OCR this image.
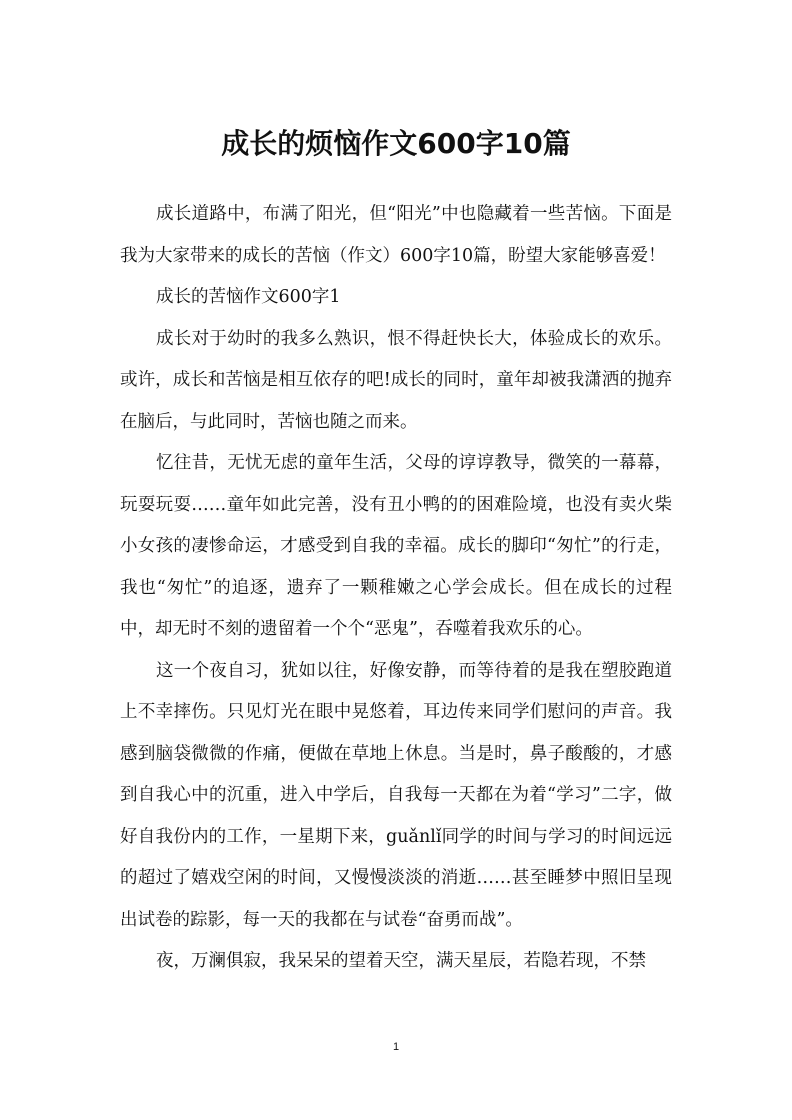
成长的烦恼作文600字10篇

成长道路中，布满了阳光，但“阳光”中也隐藏着一些苦恼。下面是我为大家带来的成长的苦恼（作文）600字10篇，盼望大家能够喜爱！

成长的苦恼作文600字1

成长对于幼时的我多么熟识，恨不得赶快长大，体验成长的欢乐。或许，成长和苦恼是相互依存的吧!成长的同时，童年却被我潇洒的抛弃在脑后，与此同时，苦恼也随之而来。

忆往昔，无忧无虑的童年生活，父母的谆谆教导，微笑的一幕幕，玩耍玩耍……童年如此完善，没有丑小鸭的的困难险境，也没有卖火柴小女孩的凄惨命运，才感受到自我的幸福。成长的脚印“匆忙”的行走，我也“匆忙”的追逐，遗弃了一颗稚嫩之心学会成长。但在成长的过程中，却无时不刻的遗留着一个个“恶鬼”，吞噬着我欢乐的心。

这一个夜自习，犹如以往，好像安静，而等待着的是我在塑胶跑道上不幸摔伤。只见灯光在眼中晃悠着，耳边传来同学们慰问的声音。我感到脑袋微微的作痛，便做在草地上休息。当是时，鼻子酸酸的，才感到自我心中的沉重，进入中学后，自我每一天都在为着“学习”二字，做好自我份内的工作，一星期下来，guǎnlǐ同学的时间与学习的时间远远的超过了嬉戏空闲的时间，又慢慢淡淡的消逝……甚至睡梦中照旧呈现出试卷的踪影，每一天的我都在与试卷“奋勇而战”。

夜，万澜俱寂，我呆呆的望着天空，满天星辰，若隐若现，不禁

1
